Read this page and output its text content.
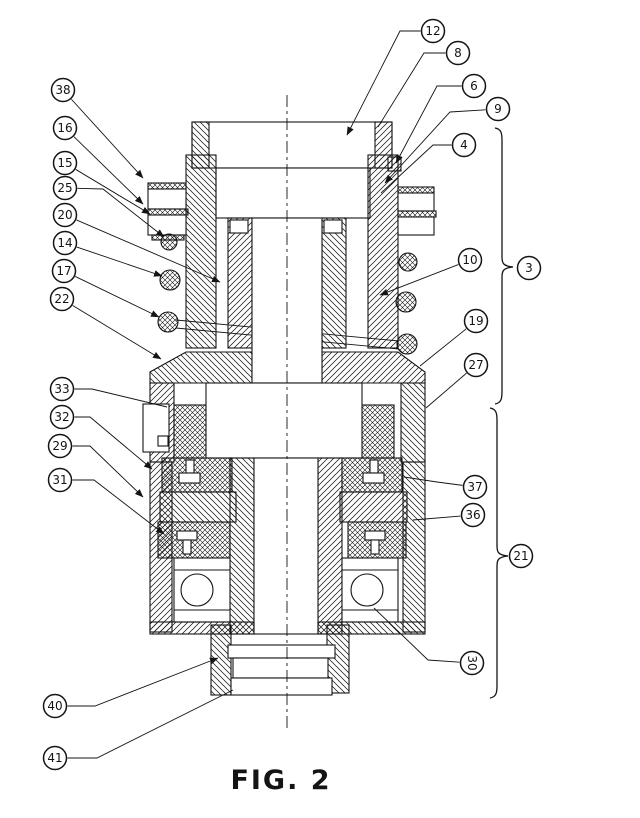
12
8
6
9
4
10
19
27
37
36
30
38
16
15
25
20
14
17
22
33
32
29
31
40
41
3
21
FIG. 2
